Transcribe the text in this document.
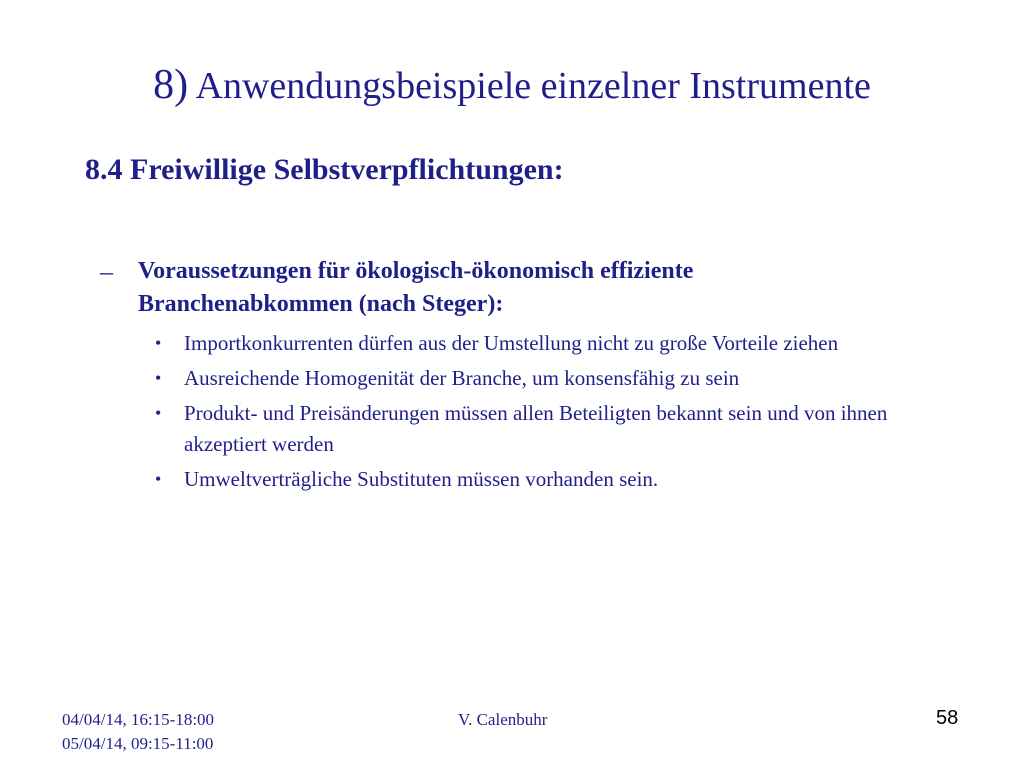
8) Anwendungsbeispiele einzelner Instrumente
8.4 Freiwillige Selbstverpflichtungen:
– Voraussetzungen für ökologisch-ökonomisch effiziente
Branchenabkommen (nach Steger):
• Importkonkurrenten dürfen aus der Umstellung nicht zu große Vorteile ziehen
• Ausreichende Homogenität der Branche, um konsensfähig zu sein
• Produkt- und Preisänderungen müssen allen Beteiligten bekannt sein und von ihnen akzeptiert werden
• Umweltverträgliche Substituten müssen vorhanden sein.
04/04/14, 16:15-18:00
05/04/14, 09:15-11:00
V. Calenbuhr	58
